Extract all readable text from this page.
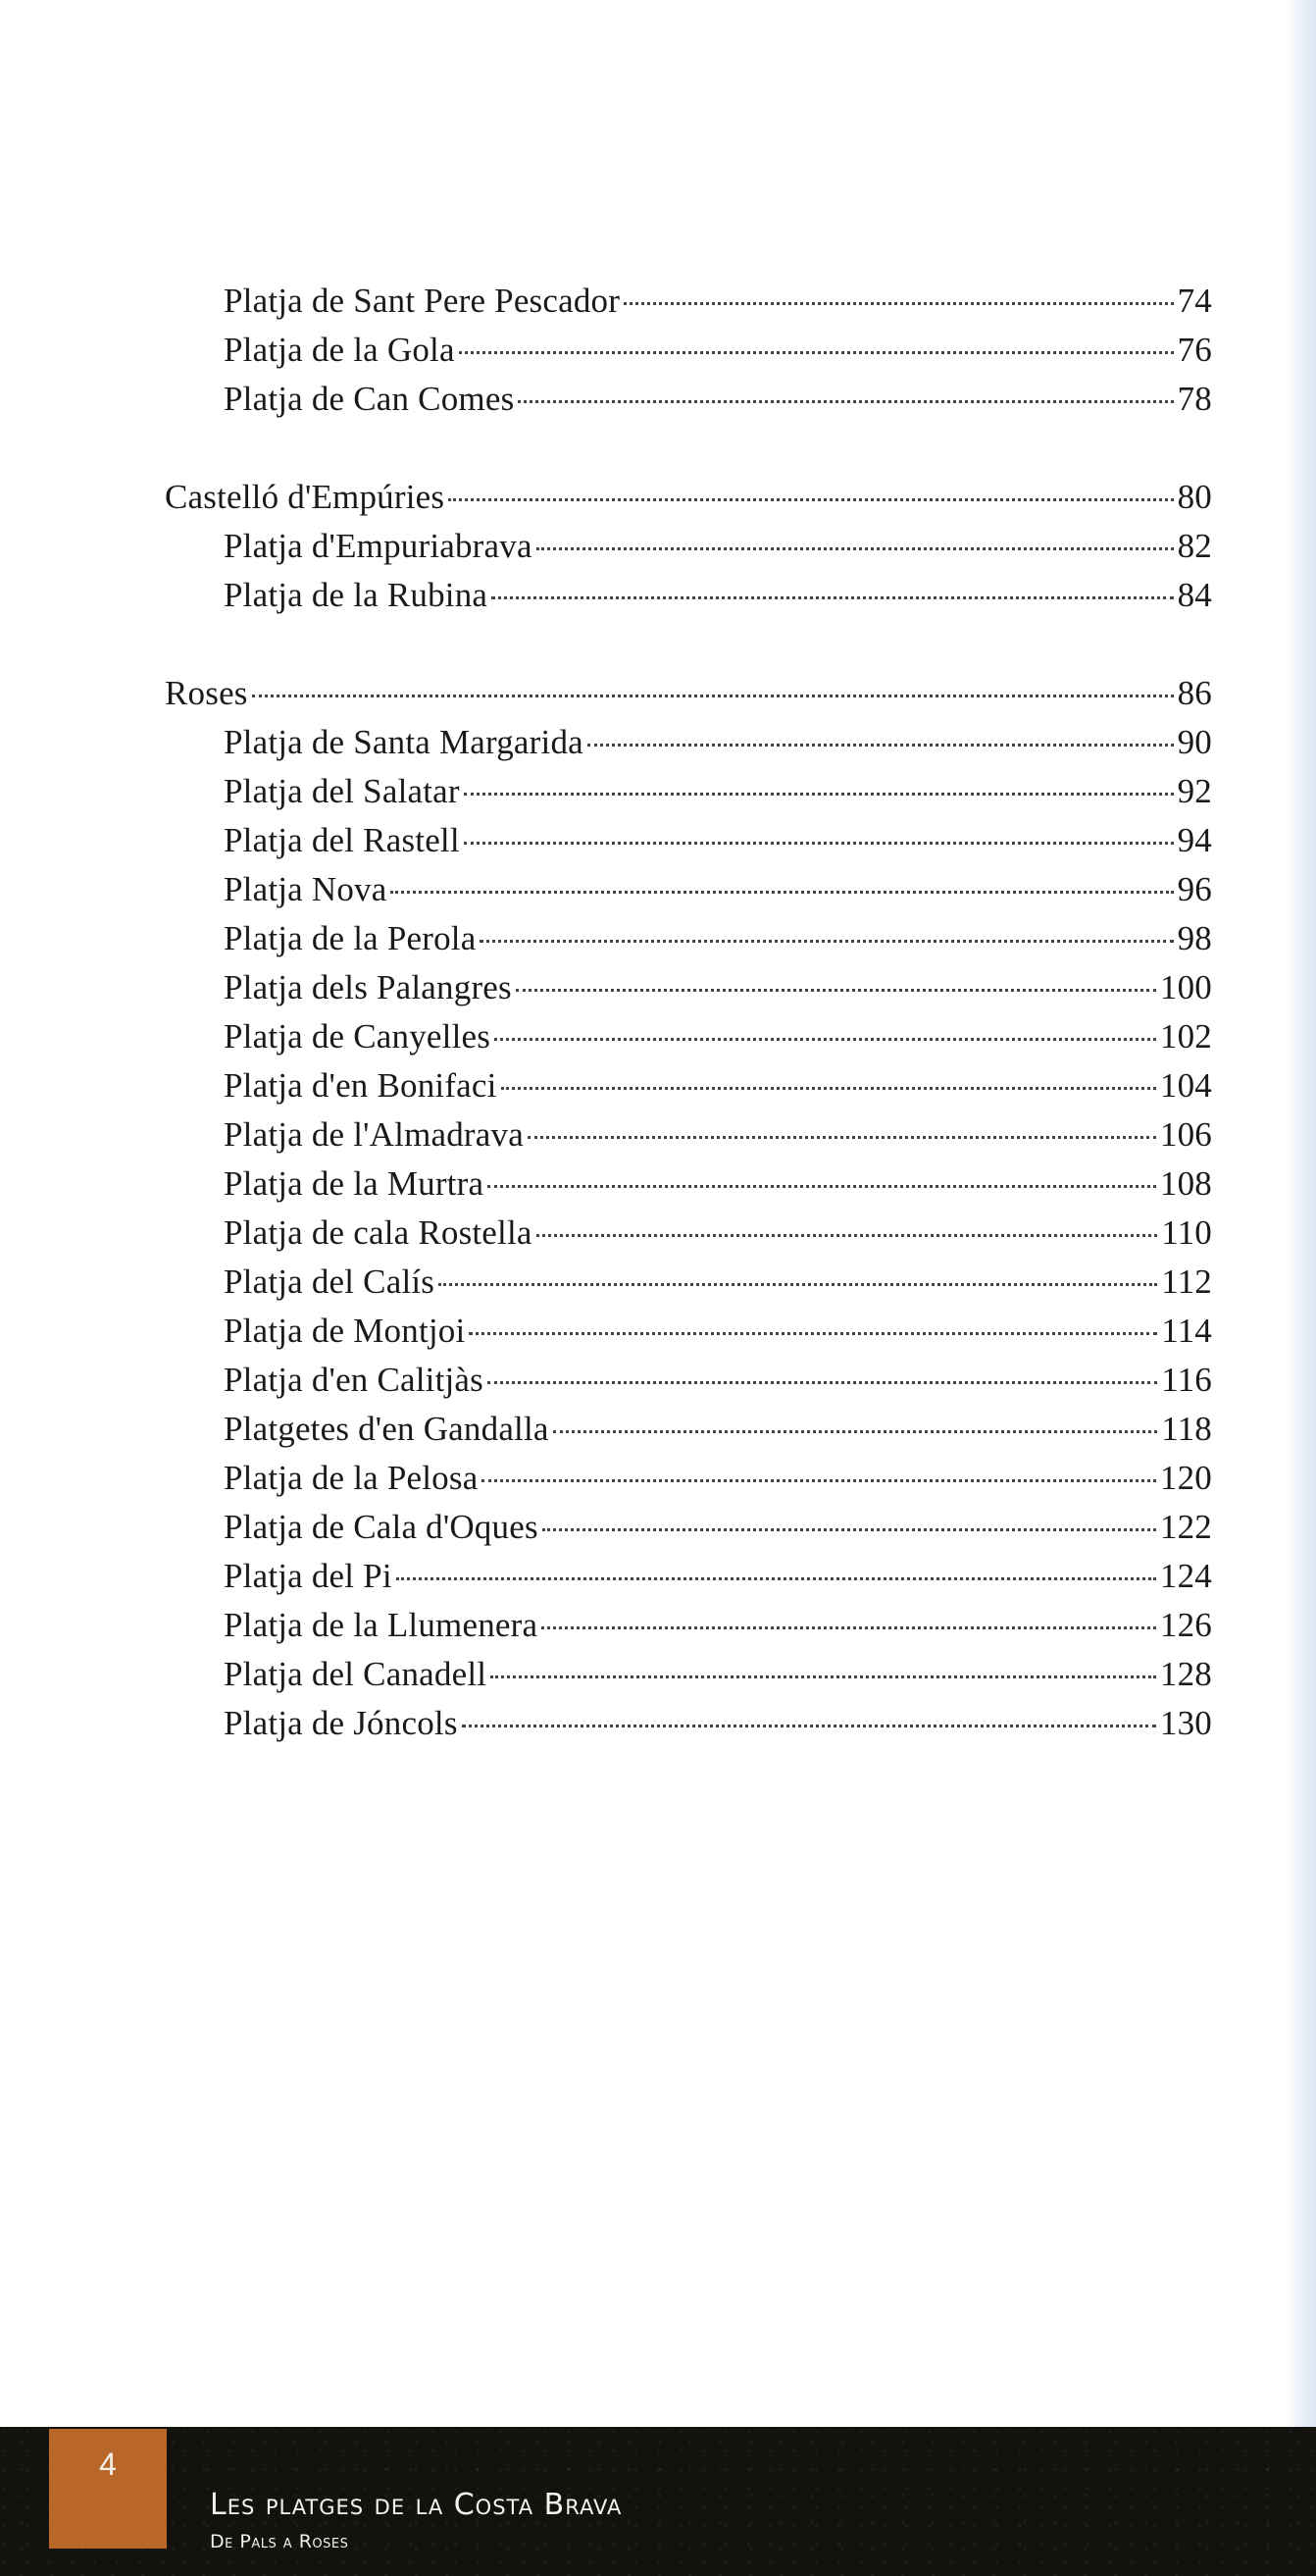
Platja de Sant Pere Pescador	74
Platja de la Gola	76
Platja de Can Comes	78
Castelló d'Empúries	80
Platja d'Empuriabrava	82
Platja de la Rubina	84
Roses	86
Platja de Santa Margarida	90
Platja del Salatar	92
Platja del Rastell	94
Platja Nova	96
Platja de la Perola	98
Platja dels Palangres	100
Platja de Canyelles	102
Platja d'en Bonifaci	104
Platja de l'Almadrava	106
Platja de la Murtra	108
Platja de cala Rostella	110
Platja del Calís	112
Platja de Montjoi	114
Platja d'en Calitjàs	116
Platgetes d'en Gandalla	118
Platja de la Pelosa	120
Platja de Cala d'Oques	122
Platja del Pi	124
Platja de la Llumenera	126
Platja del Canadell	128
Platja de Jóncols	130
4
Les platges de la Costa Brava
De Pals a Roses
